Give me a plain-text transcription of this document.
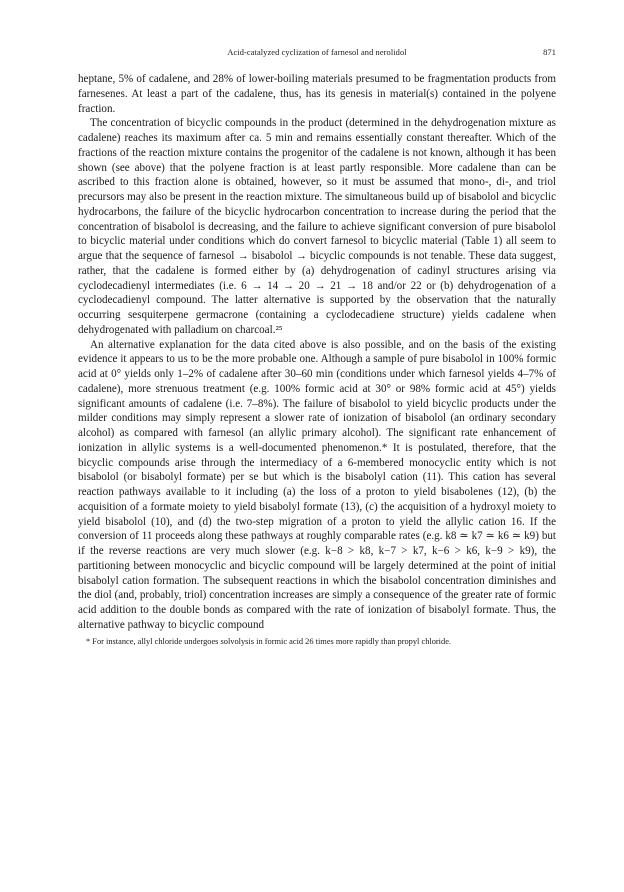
Acid-catalyzed cyclization of farnesol and nerolidol	871

heptane, 5% of cadalene, and 28% of lower-boiling materials presumed to be fragmentation products from farnesenes. At least a part of the cadalene, thus, has its genesis in material(s) contained in the polyene fraction.

The concentration of bicyclic compounds in the product (determined in the dehydrogenation mixture as cadalene) reaches its maximum after ca. 5 min and remains essentially constant thereafter. Which of the fractions of the reaction mixture contains the progenitor of the cadalene is not known, although it has been shown (see above) that the polyene fraction is at least partly responsible. More cadalene than can be ascribed to this fraction alone is obtained, however, so it must be assumed that mono-, di-, and triol precursors may also be present in the reaction mixture. The simultaneous build up of bisabolol and bicyclic hydrocarbons, the failure of the bicyclic hydrocarbon concentration to increase during the period that the concentration of bisabolol is decreasing, and the failure to achieve significant conversion of pure bisabolol to bicyclic material under conditions which do convert farnesol to bicyclic material (Table 1) all seem to argue that the sequence of farnesol → bisabolol → bicyclic compounds is not tenable. These data suggest, rather, that the cadalene is formed either by (a) dehydrogenation of cadinyl structures arising via cyclodecadienyl intermediates (i.e. 6 → 14 → 20 → 21 → 18 and/or 22 or (b) dehydrogenation of a cyclodecadienyl compound. The latter alternative is supported by the observation that the naturally occurring sesquiterpene germacrone (containing a cyclodecadiene structure) yields cadalene when dehydrogenated with palladium on charcoal.²⁵

An alternative explanation for the data cited above is also possible, and on the basis of the existing evidence it appears to us to be the more probable one. Although a sample of pure bisabolol in 100% formic acid at 0° yields only 1–2% of cadalene after 30–60 min (conditions under which farnesol yields 4–7% of cadalene), more strenuous treatment (e.g. 100% formic acid at 30° or 98% formic acid at 45°) yields significant amounts of cadalene (i.e. 7–8%). The failure of bisabolol to yield bicyclic products under the milder conditions may simply represent a slower rate of ionization of bisabolol (an ordinary secondary alcohol) as compared with farnesol (an allylic primary alcohol). The significant rate enhancement of ionization in allylic systems is a well-documented phenomenon.* It is postulated, therefore, that the bicyclic compounds arise through the intermediacy of a 6-membered monocyclic entity which is not bisabolol (or bisabolyl formate) per se but which is the bisabolyl cation (11). This cation has several reaction pathways available to it including (a) the loss of a proton to yield bisabolenes (12), (b) the acquisition of a formate moiety to yield bisabolyl formate (13), (c) the acquisition of a hydroxyl moiety to yield bisabolol (10), and (d) the two-step migration of a proton to yield the allylic cation 16. If the conversion of 11 proceeds along these pathways at roughly comparable rates (e.g. k8 ≃ k7 ≃ k6 ≃ k9) but if the reverse reactions are very much slower (e.g. k−8 > k8, k−7 > k7, k−6 > k6, k−9 > k9), the partitioning between monocyclic and bicyclic compound will be largely determined at the point of initial bisabolyl cation formation. The subsequent reactions in which the bisabolol concentration diminishes and the diol (and, probably, triol) concentration increases are simply a consequence of the greater rate of formic acid addition to the double bonds as compared with the rate of ionization of bisabolyl formate. Thus, the alternative pathway to bicyclic compound

* For instance, allyl chloride undergoes solvolysis in formic acid 26 times more rapidly than propyl chloride.
